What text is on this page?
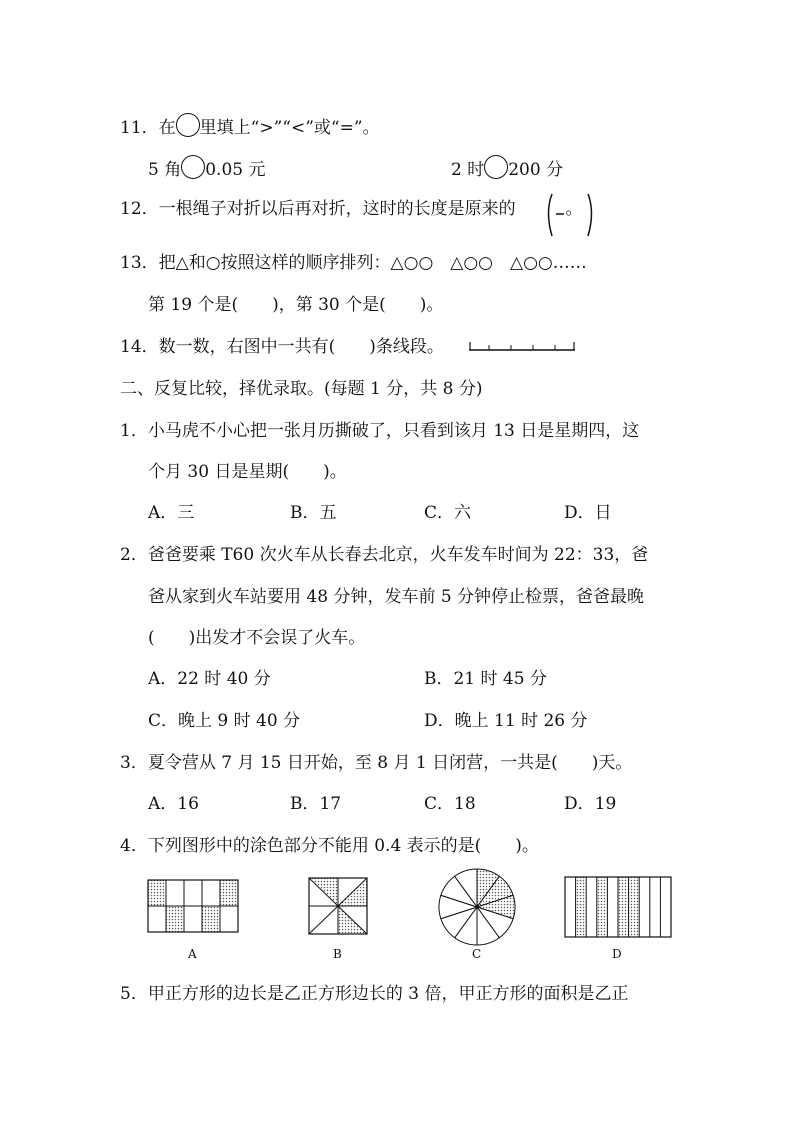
11．在 里填上“>”“<”或“=”。
5 角 0.05 元	2 时 200 分
12．一根绳子对折以后再对折，这时的长度是原来的	。
13．把△和○按照这样的顺序排列：△○○　△○○　△○○……
第 19 个是(　　)，第 30 个是(　　)。
14．数一数，右图中一共有(　　)条线段。
二、反复比较，择优录取。(每题 1 分，共 8 分)
1．小马虎不小心把一张月历撕破了，只看到该月 13 日是星期四，这
个月 30 日是星期(　　)。
A．三	B．五	C．六	D．日
2．爸爸要乘 T60 次火车从长春去北京，火车发车时间为 22：33，爸
爸从家到火车站要用 48 分钟，发车前 5 分钟停止检票，爸爸最晚
(　　)出发才不会误了火车。
A．22 时 40 分	B．21 时 45 分
C．晚上 9 时 40 分	D．晚上 11 时 26 分
3．夏令营从 7 月 15 日开始，至 8 月 1 日闭营，一共是(　　)天。
A．16	B．17	C．18	D．19
4．下列图形中的涂色部分不能用 0.4 表示的是(　　)。
A	B	C	D
5．甲正方形的边长是乙正方形边长的 3 倍，甲正方形的面积是乙正
